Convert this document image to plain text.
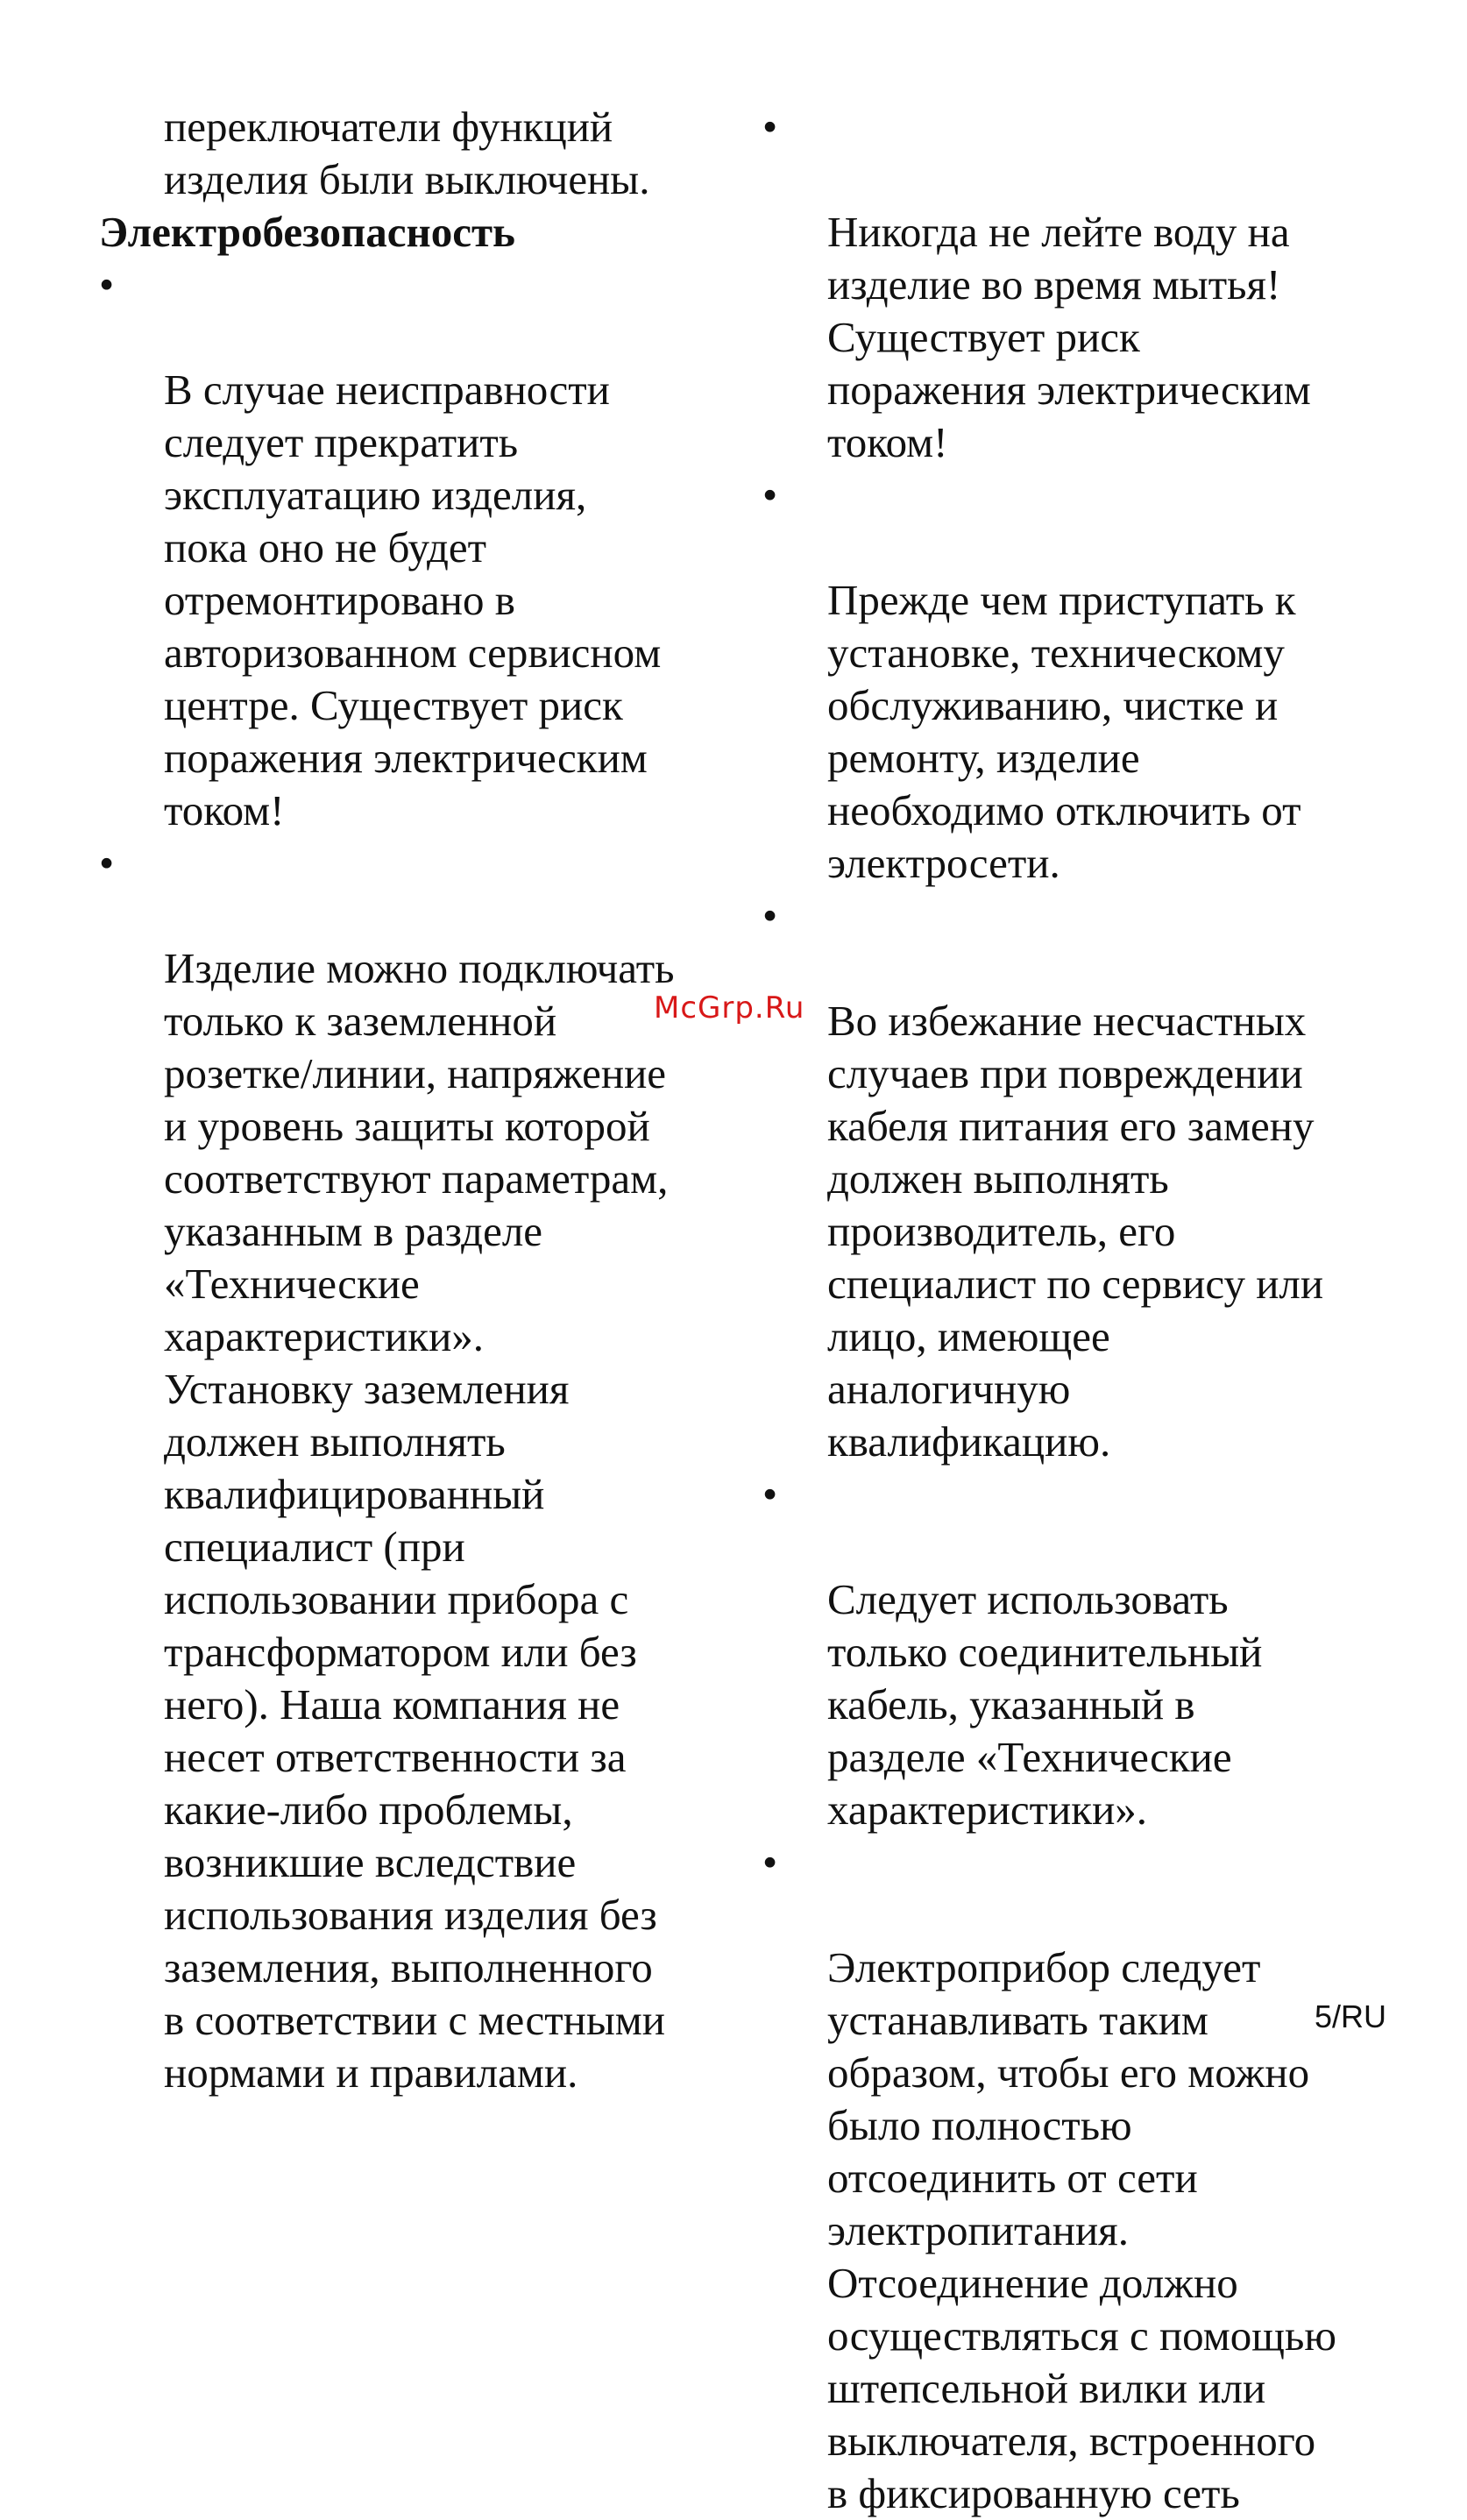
переключатели функций
изделия были выключены.
Электробезопасность

•

В случае неисправности
следует прекратить
эксплуатацию изделия,
пока оно не будет
отремонтировано в
авторизованном сервисном
центре. Существует риск
поражения электрическим
током!

•

Изделие можно подключать
только к заземленной
розетке/линии, напряжение
и уровень защиты которой
соответствуют параметрам,
указанным в разделе
«Технические
характеристики».
Установку заземления
должен выполнять
квалифицированный
специалист (при
использовании прибора с
трансформатором или без
него). Наша компания не
несет ответственности за
какие-либо проблемы,
возникшие вследствие
использования изделия без
заземления, выполненного
в соответствии с местными
нормами и правилами.

•

Никогда не лейте воду на
изделие во время мытья!
Существует риск
поражения электрическим
током!

•

Прежде чем приступать к
установке, техническому
обслуживанию, чистке и
ремонту, изделие
необходимо отключить от
электросети.

•

Во избежание несчастных
случаев при повреждении
кабеля питания его замену
должен выполнять
производитель, его
специалист по сервису или
лицо, имеющее
аналогичную
квалификацию.

•

Следует использовать
только соединительный
кабель, указанный в
разделе «Технические
характеристики».

•

Электроприбор следует
устанавливать таким
образом, чтобы его можно
было полностью
отсоединить от сети
электропитания.
Отсоединение должно
осуществляться с помощью
штепсельной вилки или
выключателя, встроенного
в фиксированную сеть

McGrp.Ru
5/RU
